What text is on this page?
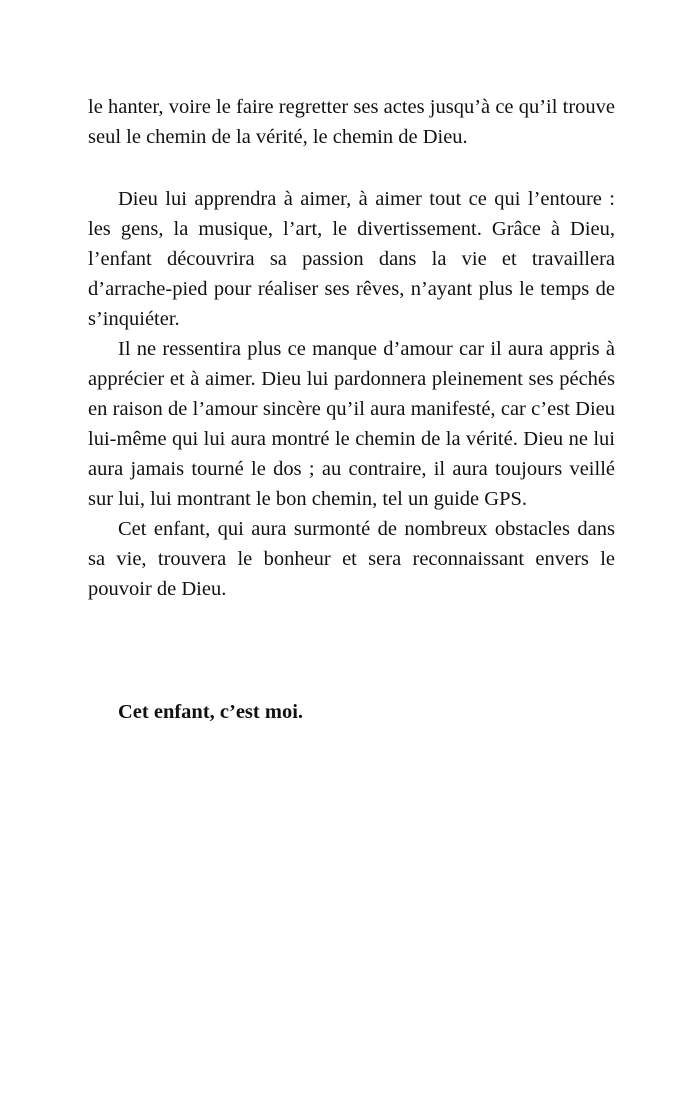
le hanter, voire le faire regretter ses actes jusqu’à ce qu’il trouve seul le chemin de la vérité, le chemin de Dieu.

Dieu lui apprendra à aimer, à aimer tout ce qui l’entoure : les gens, la musique, l’art, le divertissement. Grâce à Dieu, l’enfant découvrira sa passion dans la vie et travaillera d’arrache-pied pour réaliser ses rêves, n’ayant plus le temps de s’inquiéter.

Il ne ressentira plus ce manque d’amour car il aura appris à apprécier et à aimer. Dieu lui pardonnera pleinement ses péchés en raison de l’amour sincère qu’il aura manifesté, car c’est Dieu lui-même qui lui aura montré le chemin de la vérité. Dieu ne lui aura jamais tourné le dos ; au contraire, il aura toujours veillé sur lui, lui montrant le bon chemin, tel un guide GPS.

Cet enfant, qui aura surmonté de nombreux obstacles dans sa vie, trouvera le bonheur et sera reconnaissant envers le pouvoir de Dieu.

Cet enfant, c’est moi.
